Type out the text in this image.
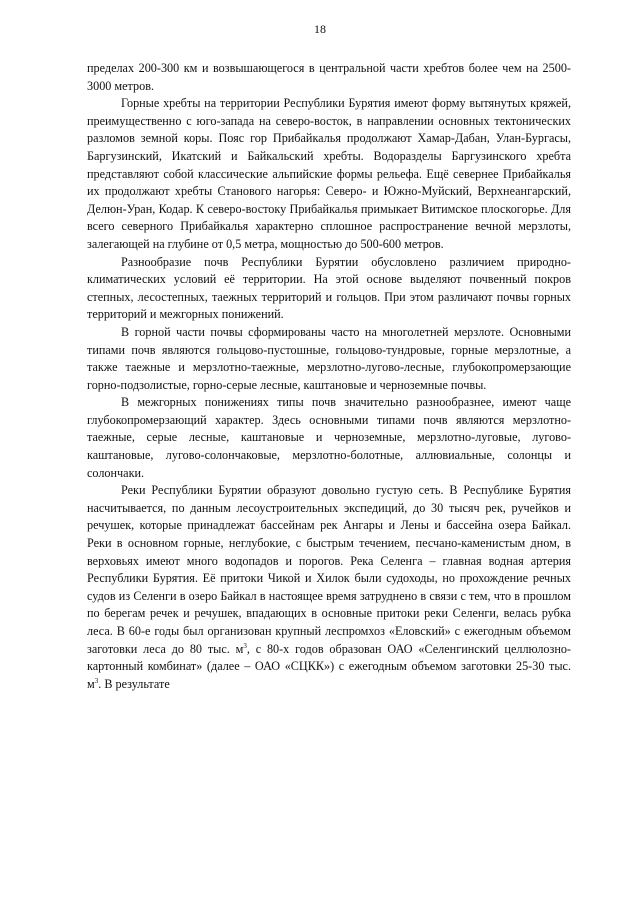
18

пределах 200-300 км и возвышающегося в центральной части хребтов более чем на 2500-3000 метров.

Горные хребты на территории Республики Бурятия имеют форму вытянутых кряжей, преимущественно с юго-запада на северо-восток, в направлении основных тектонических разломов земной коры. Пояс гор Прибайкалья продолжают Хамар-Дабан, Улан-Бургасы, Баргузинский, Икатский и Байкальский хребты. Водоразделы Баргузинского хребта представляют собой классические альпийские формы рельефа. Ещё севернее Прибайкалья их продолжают хребты Станового нагорья: Северо- и Южно-Муйский, Верхнеангарский, Делюн-Уран, Кодар. К северо-востоку Прибайкалья примыкает Витимское плоскогорье. Для всего северного Прибайкалья характерно сплошное распространение вечной мерзлоты, залегающей на глубине от 0,5 метра, мощностью до 500-600 метров.

Разнообразие почв Республики Бурятии обусловлено различием природно-климатических условий её территории. На этой основе выделяют почвенный покров степных, лесостепных, таежных территорий и гольцов. При этом различают почвы горных территорий и межгорных понижений.

В горной части почвы сформированы часто на многолетней мерзлоте. Основными типами почв являются гольцово-пустошные, гольцово-тундровые, горные мерзлотные, а также таежные и мерзлотно-таежные, мерзлотно-лугово-лесные, глубокопромерзающие горно-подзолистые, горно-серые лесные, каштановые и черноземные почвы.

В межгорных понижениях типы почв значительно разнообразнее, имеют чаще глубокопромерзающий характер. Здесь основными типами почв являются мерзлотно-таежные, серые лесные, каштановые и черноземные, мерзлотно-луговые, лугово-каштановые, лугово-солончаковые, мерзлотно-болотные, аллювиальные, солонцы и солончаки.

Реки Республики Бурятии образуют довольно густую сеть. В Республике Бурятия насчитывается, по данным лесоустроительных экспедиций, до 30 тысяч рек, ручейков и речушек, которые принадлежат бассейнам рек Ангары и Лены и бассейна озера Байкал. Реки в основном горные, неглубокие, с быстрым течением, песчано-каменистым дном, в верховьях имеют много водопадов и порогов. Река Селенга – главная водная артерия Республики Бурятия. Её притоки Чикой и Хилок были судоходы, но прохождение речных судов из Селенги в озеро Байкал в настоящее время затруднено в связи с тем, что в прошлом по берегам речек и речушек, впадающих в основные притоки реки Селенги, велась рубка леса. В 60-е годы был организован крупный леспромхоз «Еловский» с ежегодным объемом заготовки леса до 80 тыс. $м^3$, с 80-х годов образован ОАО «Селенгинский целлюлозно-картонный комбинат» (далее – ОАО «СЦКК») с ежегодным объемом заготовки 25-30 тыс. $м^3$. В результате
